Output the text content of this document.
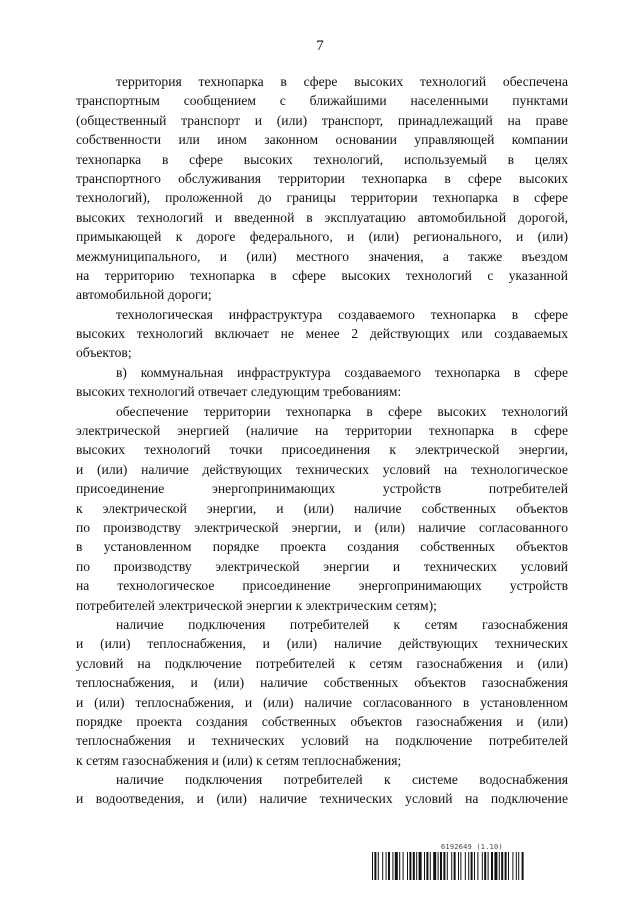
7
территория технопарка в сфере высоких технологий обеспечена
транспортным сообщением с ближайшими населенными пунктами
(общественный транспорт и (или) транспорт, принадлежащий на праве
собственности или ином законном основании управляющей компании
технопарка в сфере высоких технологий, используемый в целях
транспортного обслуживания территории технопарка в сфере высоких
технологий), проложенной до границы территории технопарка в сфере
высоких технологий и введенной в эксплуатацию автомобильной дорогой,
примыкающей к дороге федерального, и (или) регионального, и (или)
межмуниципального, и (или) местного значения, а также въездом
на территорию технопарка в сфере высоких технологий с указанной
автомобильной дороги;
технологическая инфраструктура создаваемого технопарка в сфере
высоких технологий включает не менее 2 действующих или создаваемых
объектов;
в) коммунальная инфраструктура создаваемого технопарка в сфере
высоких технологий отвечает следующим требованиям:
обеспечение территории технопарка в сфере высоких технологий
электрической энергией (наличие на территории технопарка в сфере
высоких технологий точки присоединения к электрической энергии,
и (или) наличие действующих технических условий на технологическое
присоединение энергопринимающих устройств потребителей
к электрической энергии, и (или) наличие собственных объектов
по производству электрической энергии, и (или) наличие согласованного
в установленном порядке проекта создания собственных объектов
по производству электрической энергии и технических условий
на технологическое присоединение энергопринимающих устройств
потребителей электрической энергии к электрическим сетям);
наличие подключения потребителей к сетям газоснабжения
и (или) теплоснабжения, и (или) наличие действующих технических
условий на подключение потребителей к сетям газоснабжения и (или)
теплоснабжения, и (или) наличие собственных объектов газоснабжения
и (или) теплоснабжения, и (или) наличие согласованного в установленном
порядке проекта создания собственных объектов газоснабжения и (или)
теплоснабжения и технических условий на подключение потребителей
к сетям газоснабжения и (или) к сетям теплоснабжения;
наличие подключения потребителей к системе водоснабжения
и водоотведения, и (или) наличие технических условий на подключение
6192649 (1.10)
